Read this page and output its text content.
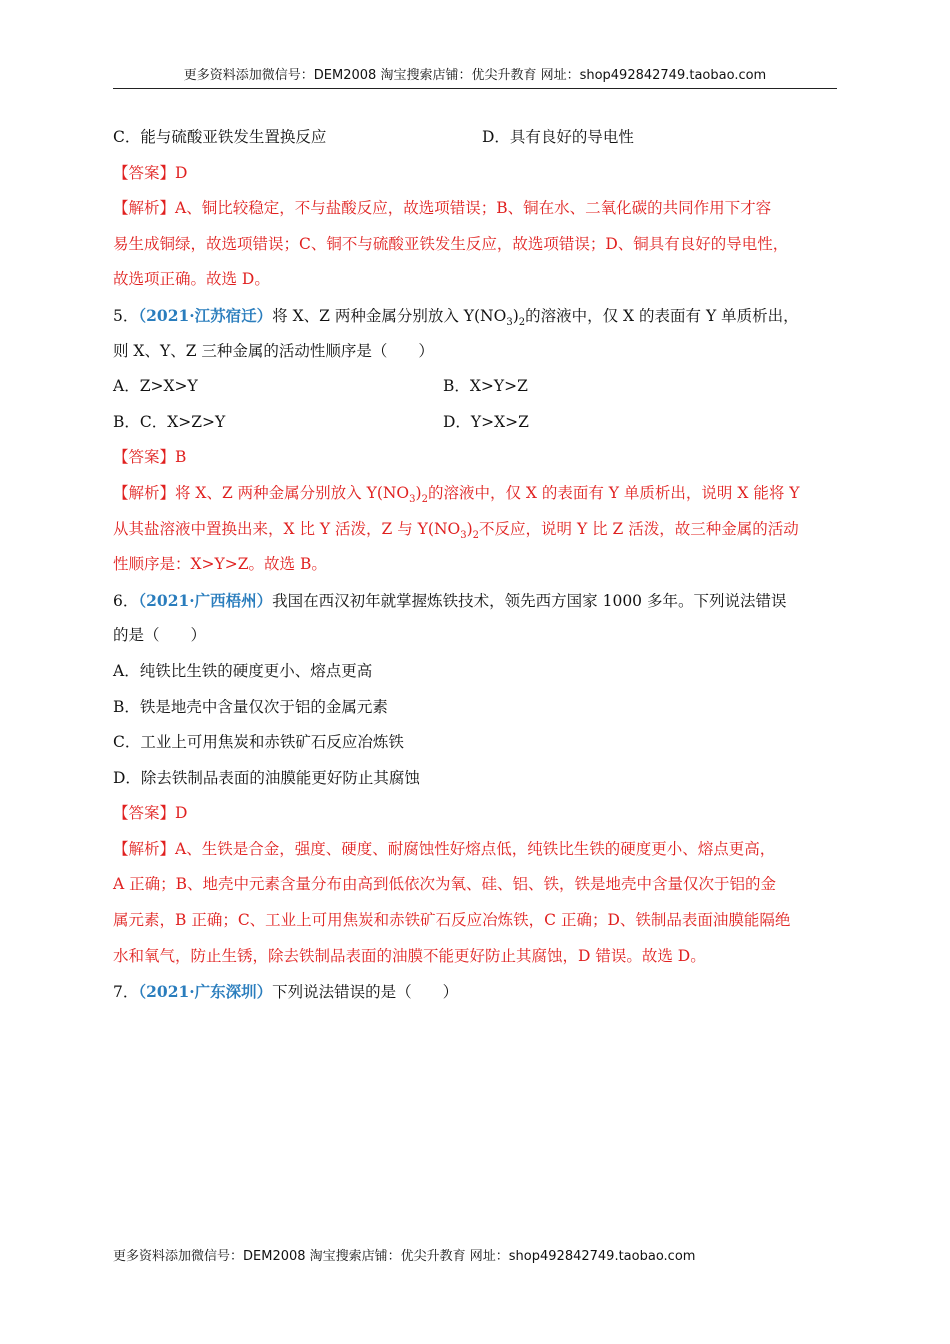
更多资料添加微信号：DEM2008 淘宝搜索店铺：优尖升教育 网址：shop492842749.taobao.com
C．能与硫酸亚铁发生置换反应	D．具有良好的导电性
【答案】D
【解析】A、铜比较稳定，不与盐酸反应，故选项错误；B、铜在水、二氧化碳的共同作用下才容
易生成铜绿，故选项错误；C、铜不与硫酸亚铁发生反应，故选项错误；D、铜具有良好的导电性，
故选项正确。故选 D。
5．（2021·江苏宿迁）将 X、Z 两种金属分别放入 $Y(NO_3)_2$的溶液中，仅 X 的表面有 Y 单质析出，
则 X、Y、Z 三种金属的活动性顺序是（　　）
A．Z>X>Y	B．X>Y>Z
B．C．X>Z>Y	D．Y>X>Z
【答案】B
【解析】将 X、Z 两种金属分别放入 $Y(NO_3)_2$的溶液中，仅 X 的表面有 Y 单质析出，说明 X 能将 Y
从其盐溶液中置换出来，X 比 Y 活泼，Z 与 $Y(NO_3)_2$不反应，说明 Y 比 Z 活泼，故三种金属的活动
性顺序是：X>Y>Z。故选 B。
6．（2021·广西梧州）我国在西汉初年就掌握炼铁技术，领先西方国家 1000 多年。下列说法错误
的是（　　）
A．纯铁比生铁的硬度更小、熔点更高
B．铁是地壳中含量仅次于铝的金属元素
C．工业上可用焦炭和赤铁矿石反应冶炼铁
D．除去铁制品表面的油膜能更好防止其腐蚀
【答案】D
【解析】A、生铁是合金，强度、硬度、耐腐蚀性好熔点低，纯铁比生铁的硬度更小、熔点更高，
A 正确；B、地壳中元素含量分布由高到低依次为氧、硅、铝、铁，铁是地壳中含量仅次于铝的金
属元素，B 正确；C、工业上可用焦炭和赤铁矿石反应冶炼铁，C 正确；D、铁制品表面油膜能隔绝
水和氧气，防止生锈，除去铁制品表面的油膜不能更好防止其腐蚀，D 错误。故选 D。
7．（2021·广东深圳）下列说法错误的是（　　）
更多资料添加微信号：DEM2008 淘宝搜索店铺：优尖升教育 网址：shop492842749.taobao.com
